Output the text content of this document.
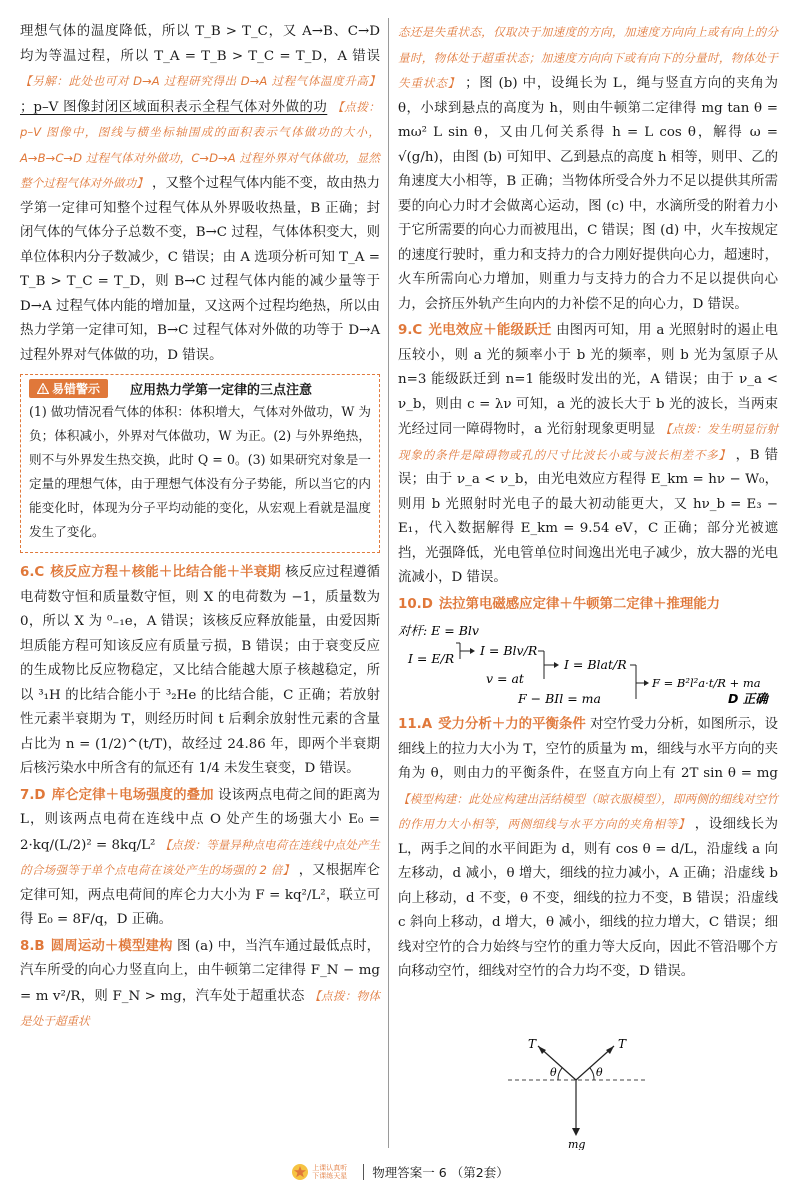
理想气体的温度降低，所以 T_B > T_C，又 A→B、C→D 均为等温过程，所以 T_A = T_B > T_C = T_D，A 错误 【另解：此处也可对 D→A 过程研究得出 D→A 过程气体温度升高】 ；p–V 图像封闭区域面积表示全程气体对外做的功 【点拨：p–V 图像中，图线与横坐标轴围成的面积表示气体做功的大小，A→B→C→D 过程气体对外做功，C→D→A 过程外界对气体做功，显然整个过程气体对外做功】 ，又整个过程气体内能不变，故由热力学第一定律可知整个过程气体从外界吸收热量，B 正确；封闭气体的气体分子总数不变，B→C 过程，气体体积变大，则单位体积内分子数减少，C 错误；由 A 选项分析可知 T_A = T_B > T_C = T_D，则 B→C 过程气体内能的减少量等于 D→A 过程气体内能的增加量，又这两个过程均绝热，所以由热力学第一定律可知，B→C 过程气体对外做的功等于 D→A 过程外界对气体做的功，D 错误。

易错警示 应用热力学第一定律的三点注意

(1) 做功情况看气体的体积：体积增大，气体对外做功，W 为负；体积减小，外界对气体做功，W 为正。(2) 与外界绝热，则不与外界发生热交换，此时 Q = 0。(3) 如果研究对象是一定量的理想气体，由于理想气体没有分子势能，所以当它的内能变化时，体现为分子平均动能的变化，从宏观上看就是温度发生了变化。

6.C 核反应方程＋核能＋比结合能＋半衰期 核反应过程遵循电荷数守恒和质量数守恒，则 X 的电荷数为 −1，质量数为 0，所以 X 为 ⁰₋₁e，A 错误；该核反应释放能量，由爱因斯坦质能方程可知该反应有质量亏损，B 错误；由于衰变反应的生成物比反应物稳定，又比结合能越大原子核越稳定，所以 ³₁H 的比结合能小于 ³₂He 的比结合能，C 正确；若放射性元素半衰期为 T，则经历时间 t 后剩余放射性元素的含量占比为 n = (1/2)^(t/T)，故经过 24.86 年，即两个半衰期后核污染水中所含有的氚还有 1/4 未发生衰变，D 错误。

7.D 库仑定律＋电场强度的叠加 设该两点电荷之间的距离为 L，则该两点电荷在连线中点 O 处产生的场强大小 E₀ = 2·kq/(L/2)² = 8kq/L² 【点拨：等量异种点电荷在连线中点处产生的合场强等于单个点电荷在该处产生的场强的 2 倍】 ，又根据库仑定律可知，两点电荷间的库仑力大小为 F = kq²/L²，联立可得 E₀ = 8F/q，D 正确。

8.B 圆周运动＋模型建构 图 (a) 中，当汽车通过最低点时，汽车所受的向心力竖直向上，由牛顿第二定律得 F_N − mg = m v²/R，则 F_N > mg，汽车处于超重状态 【点拨：物体是处于超重状

态还是失重状态，仅取决于加速度的方向，加速度方向向上或有向上的分量时，物体处于超重状态；加速度方向向下或有向下的分量时，物体处于失重状态】 ；图 (b) 中，设绳长为 L，绳与竖直方向的夹角为 θ，小球到悬点的高度为 h，则由牛顿第二定律得 mg tan θ = mω² L sin θ，又由几何关系得 h = L cos θ，解得 ω = √(g/h)，由图 (b) 可知甲、乙到悬点的高度 h 相等，则甲、乙的角速度大小相等，B 正确；当物体所受合外力不足以提供其所需要的向心力时才会做离心运动，图 (c) 中，水滴所受的附着力小于它所需要的向心力而被甩出，C 错误；图 (d) 中，火车按规定的速度行驶时，重力和支持力的合力刚好提供向心力，超速时，火车所需向心力增加，则重力与支持力的合力不足以提供向心力，会挤压外轨产生向内的力补偿不足的向心力，D 错误。

9.C 光电效应＋能级跃迁 由图丙可知，用 a 光照射时的遏止电压较小，则 a 光的频率小于 b 光的频率，则 b 光为氢原子从 n=3 能级跃迁到 n=1 能级时发出的光，A 错误；由于 ν_a < ν_b，则由 c = λν 可知，a 光的波长大于 b 光的波长，当两束光经过同一障碍物时，a 光衍射现象更明显 【点拨：发生明显衍射现象的条件是障碍物或孔的尺寸比波长小或与波长相差不多】 ，B 错误；由于 ν_a < ν_b，由光电效应方程得 E_km = hν − W₀，则用 b 光照射时光电子的最大初动能更大，又 hν_b = E₃ − E₁，代入数据解得 E_km = 9.54 eV，C 正确；部分光被遮挡，光强降低，光电管单位时间逸出光电子减少，放大器的光电流减小，D 错误。

10.D 法拉第电磁感应定律＋牛顿第二定律＋推理能力

对杆: E = Blv
I = E/R
I = Blv/R
v = at
I = Blat/R
F − BIl = ma
F = B²l²a·t/R + ma
D 正确

11.A 受力分析＋力的平衡条件 对空竹受力分析，如图所示，设细线上的拉力大小为 T，空竹的质量为 m，细线与水平方向的夹角为 θ，则由力的平衡条件，在竖直方向上有 2T sin θ = mg 【模型构建：此处应构建出活结模型（晾衣服模型），即两侧的细线对空竹的作用力大小相等，两侧细线与水平方向的夹角相等】 ，设细线长为 L，两手之间的水平间距为 d，则有 cos θ = d/L，沿虚线 a 向左移动，d 减小，θ 增大，细线的拉力减小，A 正确；沿虚线 b 向上移动，d 不变，θ 不变，细线的拉力不变，B 错误；沿虚线 c 斜向上移动，d 增大，θ 减小，细线的拉力增大，C 错误；细线对空竹的合力始终与空竹的重力等大反向，因此不管沿哪个方向移动空竹，细线对空竹的合力均不变，D 错误。

T	T
θ	θ
mg
上课认真听
下课练天星 物理答案一 6 （第2套）
